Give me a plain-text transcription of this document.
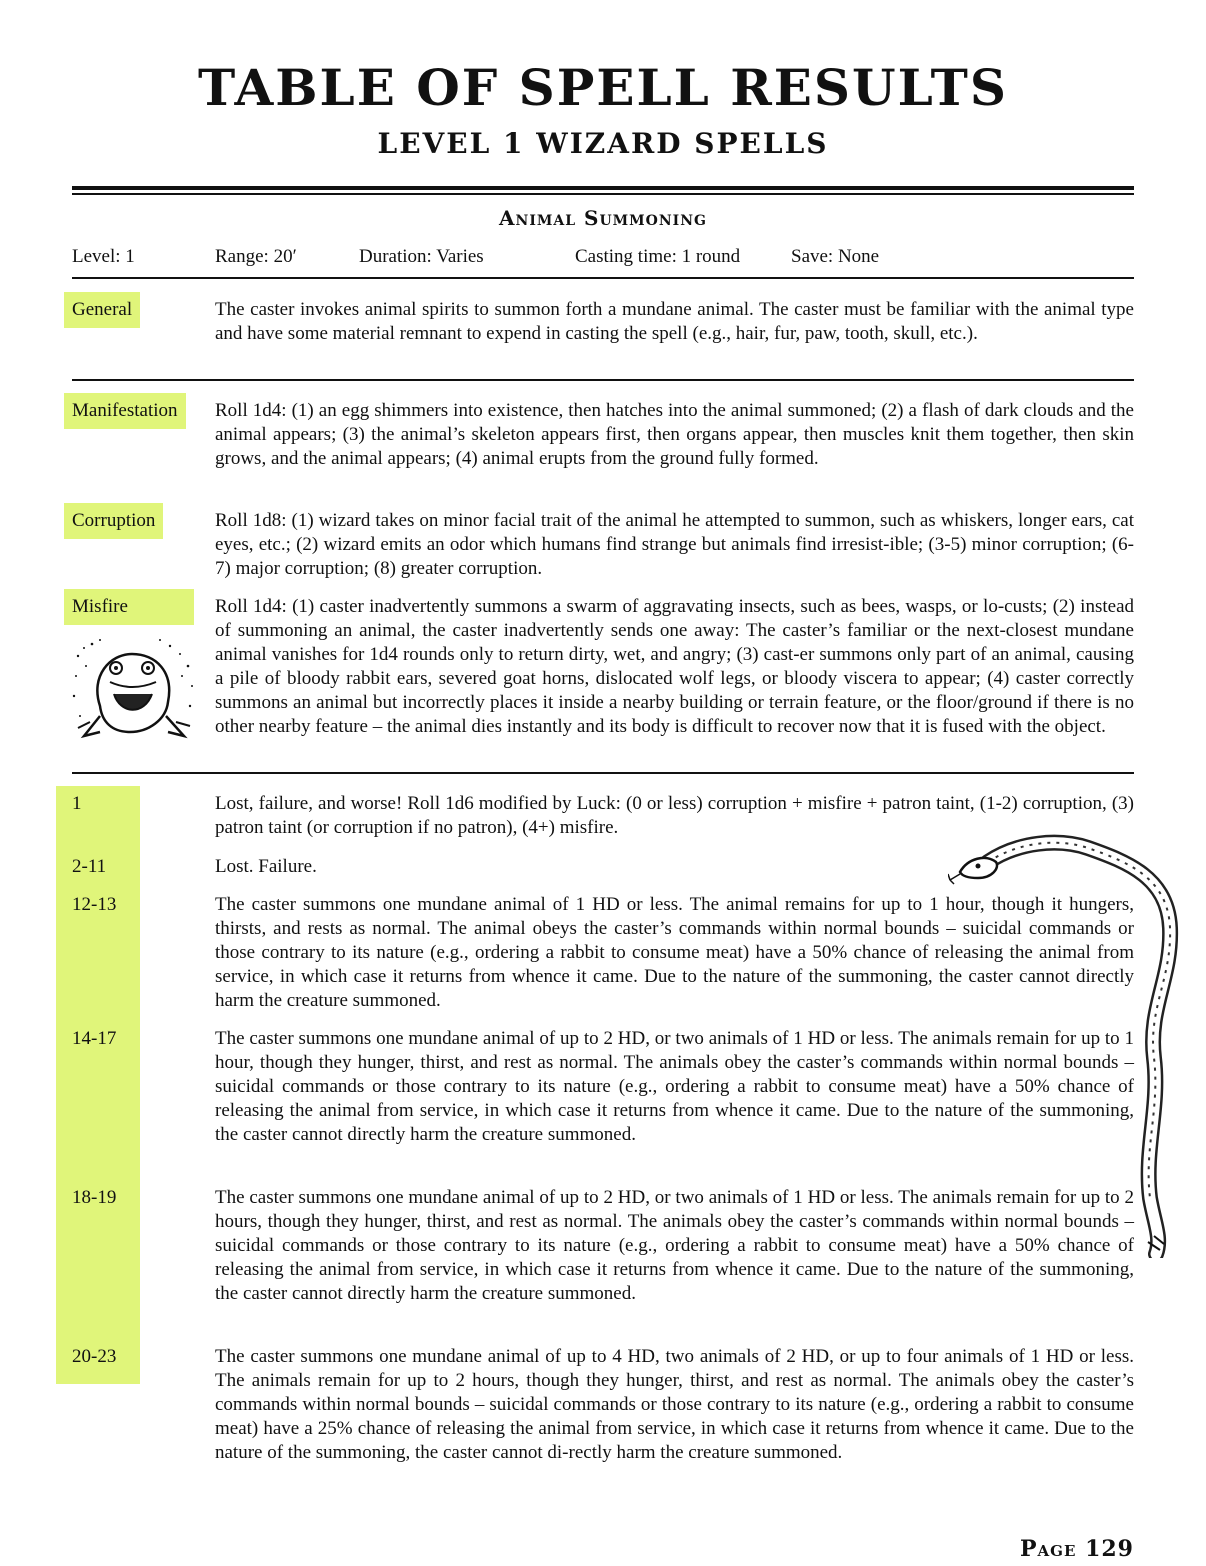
TABLE OF SPELL RESULTS
LEVEL 1 WIZARD SPELLS
Animal Summoning
Level: 1	Range: 20′	Duration: Varies	Casting time: 1 round	Save: None
General	The caster invokes animal spirits to summon forth a mundane animal. The caster must be familiar with the animal type and have some material remnant to expend in casting the spell (e.g., hair, fur, paw, tooth, skull, etc.).

Manifestation	Roll 1d4: (1) an egg shimmers into existence, then hatches into the animal summoned; (2) a flash of dark clouds and the animal appears; (3) the animal’s skeleton appears first, then organs appear, then muscles knit them together, then skin grows, and the animal appears; (4) animal erupts from the ground fully formed.

Corruption	Roll 1d8: (1) wizard takes on minor facial trait of the animal he attempted to summon, such as whiskers, longer ears, cat eyes, etc.; (2) wizard emits an odor which humans find strange but animals find irresist-ible; (3-5) minor corruption; (6-7) major corruption; (8) greater corruption.

Misfire	Roll 1d4: (1) caster inadvertently summons a swarm of aggravating insects, such as bees, wasps, or lo-custs; (2) instead of summoning an animal, the caster inadvertently sends one away: The caster’s familiar or the next-closest mundane animal vanishes for 1d4 rounds only to return dirty, wet, and angry; (3) cast-er summons only part of an animal, causing a pile of bloody rabbit ears, severed goat horns, dislocated wolf legs, or bloody viscera to appear; (4) caster correctly summons an animal but incorrectly places it inside a nearby building or terrain feature, or the floor/ground if there is no other nearby feature – the animal dies instantly and its body is difficult to recover now that it is fused with the object.

1	Lost, failure, and worse! Roll 1d6 modified by Luck: (0 or less) corruption + misfire + patron taint, (1-2) corruption, (3) patron taint (or corruption if no patron), (4+) misfire.

2-11	Lost. Failure.

12-13	The caster summons one mundane animal of 1 HD or less. The animal remains for up to 1 hour, though it hungers, thirsts, and rests as normal. The animal obeys the caster’s commands within normal bounds – suicidal commands or those contrary to its nature (e.g., ordering a rabbit to consume meat) have a 50% chance of releasing the animal from service, in which case it returns from whence it came. Due to the nature of the summoning, the caster cannot directly harm the creature summoned.

14-17	The caster summons one mundane animal of up to 2 HD, or two animals of 1 HD or less. The animals remain for up to 1 hour, though they hunger, thirst, and rest as normal. The animals obey the caster’s commands within normal bounds – suicidal commands or those contrary to its nature (e.g., ordering a rabbit to consume meat) have a 50% chance of releasing the animal from service, in which case it returns from whence it came. Due to the nature of the summoning, the caster cannot directly harm the creature summoned.

18-19	The caster summons one mundane animal of up to 2 HD, or two animals of 1 HD or less. The animals remain for up to 2 hours, though they hunger, thirst, and rest as normal. The animals obey the caster’s commands within normal bounds – suicidal commands or those contrary to its nature (e.g., ordering a rabbit to consume meat) have a 50% chance of releasing the animal from service, in which case it returns from whence it came. Due to the nature of the summoning, the caster cannot directly harm the creature summoned.

20-23	The caster summons one mundane animal of up to 4 HD, two animals of 2 HD, or up to four animals of 1 HD or less. The animals remain for up to 2 hours, though they hunger, thirst, and rest as normal. The animals obey the caster’s commands within normal bounds – suicidal commands or those contrary to its nature (e.g., ordering a rabbit to consume meat) have a 25% chance of releasing the animal from service, in which case it returns from whence it came. Due to the nature of the summoning, the caster cannot di-rectly harm the creature summoned.

Page 129
